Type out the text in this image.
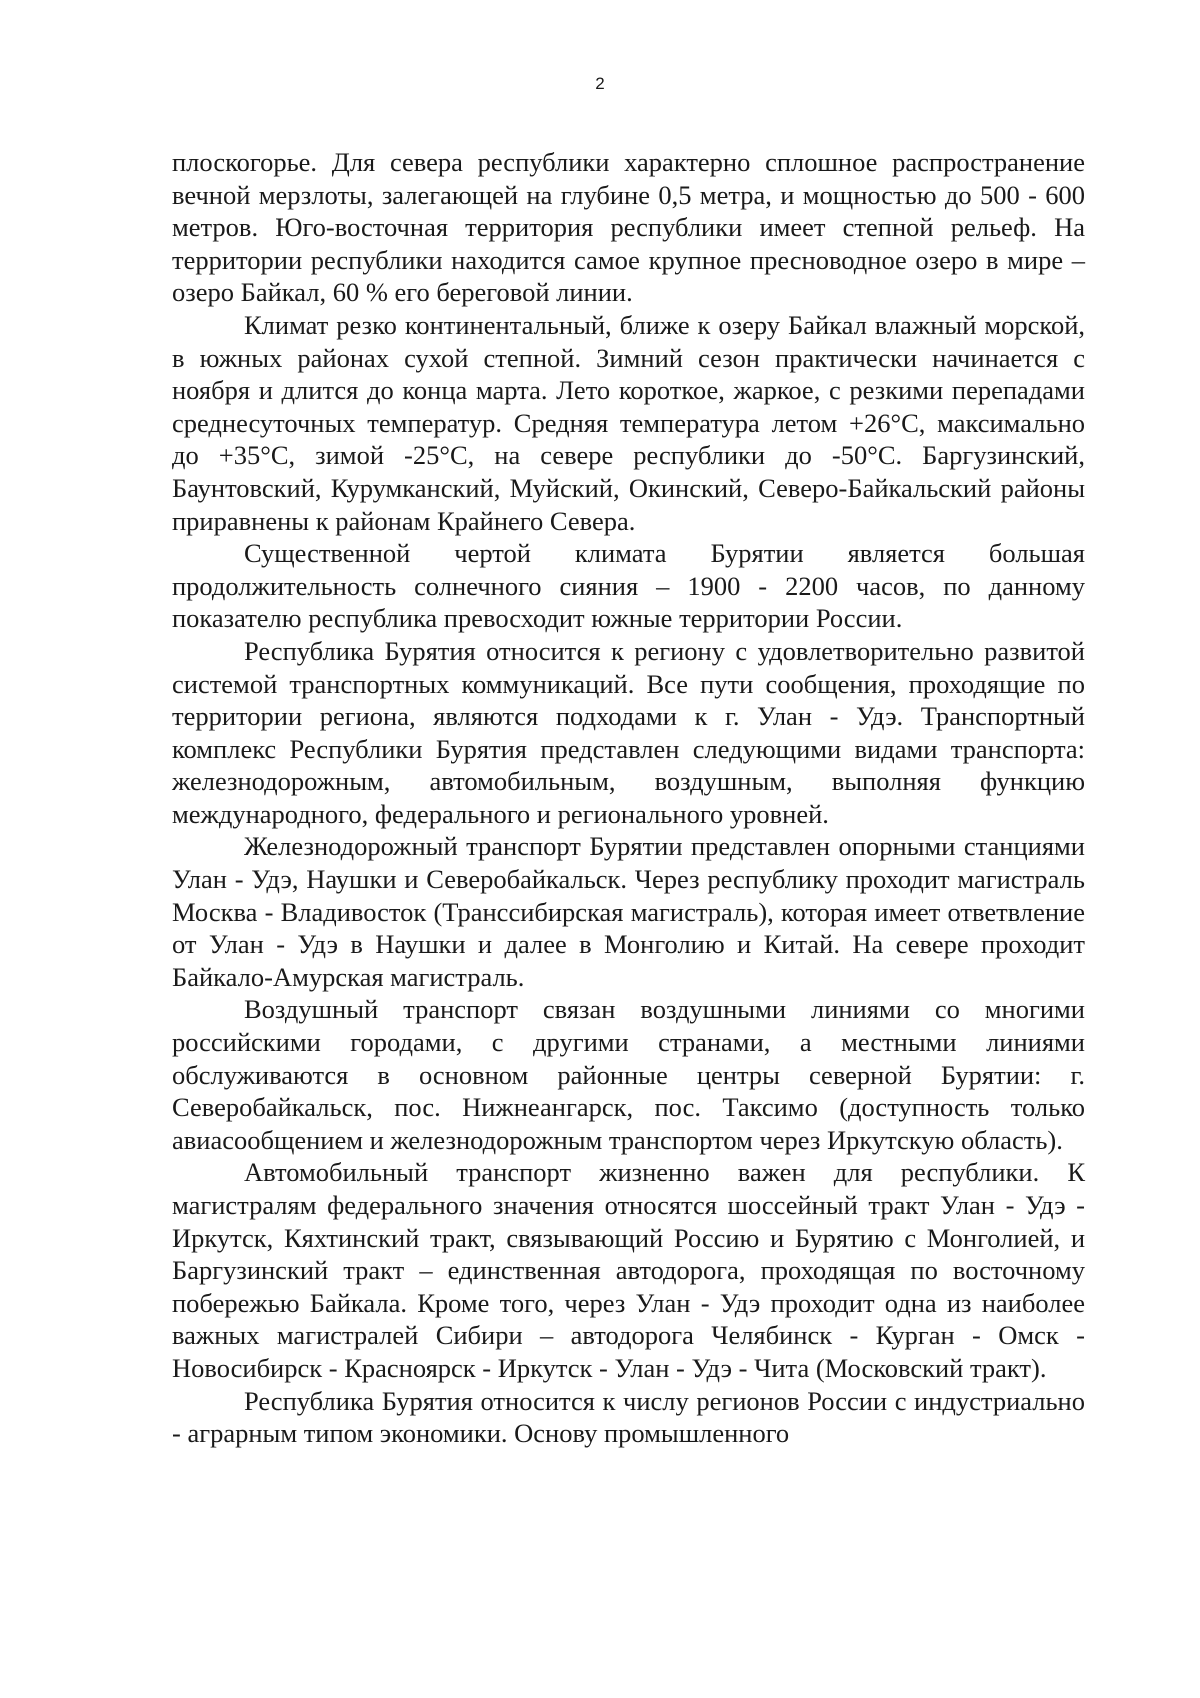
2

плоскогорье. Для севера республики характерно сплошное распространение вечной мерзлоты, залегающей на глубине 0,5 метра, и мощностью до 500 - 600 метров. Юго-восточная территория республики имеет степной рельеф. На территории республики находится самое крупное пресноводное озеро в мире – озеро Байкал, 60 % его береговой линии.

Климат резко континентальный, ближе к озеру Байкал влажный морской, в южных районах сухой степной. Зимний сезон практически начинается с ноября и длится до конца марта. Лето короткое, жаркое, с резкими перепадами среднесуточных температур. Средняя температура летом +26°С, максимально до +35°С, зимой -25°С, на севере республики до -50°С. Баргузинский, Баунтовский, Курумканский, Муйский, Окинский, Северо-Байкальский районы приравнены к районам Крайнего Севера.

Существенной чертой климата Бурятии является большая продолжительность солнечного сияния – 1900 - 2200 часов, по данному показателю республика превосходит южные территории России.

Республика Бурятия относится к региону с удовлетворительно развитой системой транспортных коммуникаций. Все пути сообщения, проходящие по территории региона, являются подходами к г. Улан - Удэ. Транспортный комплекс Республики Бурятия представлен следующими видами транспорта: железнодорожным, автомобильным, воздушным, выполняя функцию международного, федерального и регионального уровней.

Железнодорожный транспорт Бурятии представлен опорными станциями Улан - Удэ, Наушки и Северобайкальск. Через республику проходит магистраль Москва - Владивосток (Транссибирская магистраль), которая имеет ответвление от Улан - Удэ в Наушки и далее в Монголию и Китай. На севере проходит Байкало-Амурская магистраль.

Воздушный транспорт связан воздушными линиями со многими российскими городами, с другими странами, а местными линиями обслуживаются в основном районные центры северной Бурятии: г. Северобайкальск, пос. Нижнеангарск, пос. Таксимо (доступность только авиасообщением и железнодорожным транспортом через Иркутскую область).

Автомобильный транспорт жизненно важен для республики. К магистралям федерального значения относятся шоссейный тракт Улан - Удэ - Иркутск, Кяхтинский тракт, связывающий Россию и Бурятию с Монголией, и Баргузинский тракт – единственная автодорога, проходящая по восточному побережью Байкала. Кроме того, через Улан - Удэ проходит одна из наиболее важных магистралей Сибири – автодорога Челябинск - Курган - Омск - Новосибирск - Красноярск - Иркутск - Улан - Удэ - Чита (Московский тракт).

Республика Бурятия относится к числу регионов России с индустриально - аграрным типом экономики. Основу промышленного
